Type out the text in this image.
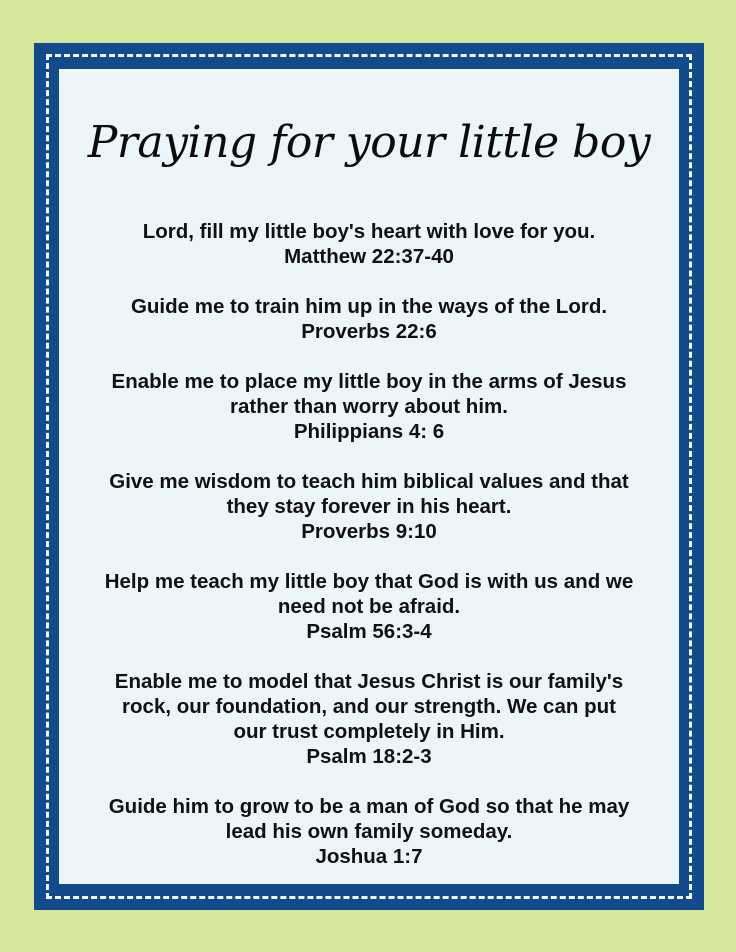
Praying for your little boy
Lord, fill my little boy's heart with love for you.
Matthew 22:37-40
Guide me to train him up in the ways of the Lord.
Proverbs 22:6
Enable me to place my little boy in the arms of Jesus
rather than worry about him.
Philippians 4: 6
Give me wisdom to teach him biblical values and that
they stay forever in his heart.
Proverbs 9:10
Help me teach my little boy that God is with us and we
need not be afraid.
Psalm 56:3-4
Enable me to model that Jesus Christ is our family's
rock, our foundation, and our strength. We can put
our trust completely in Him.
Psalm 18:2-3
Guide him to grow to be a man of God so that he may
lead his own family someday.
Joshua 1:7
